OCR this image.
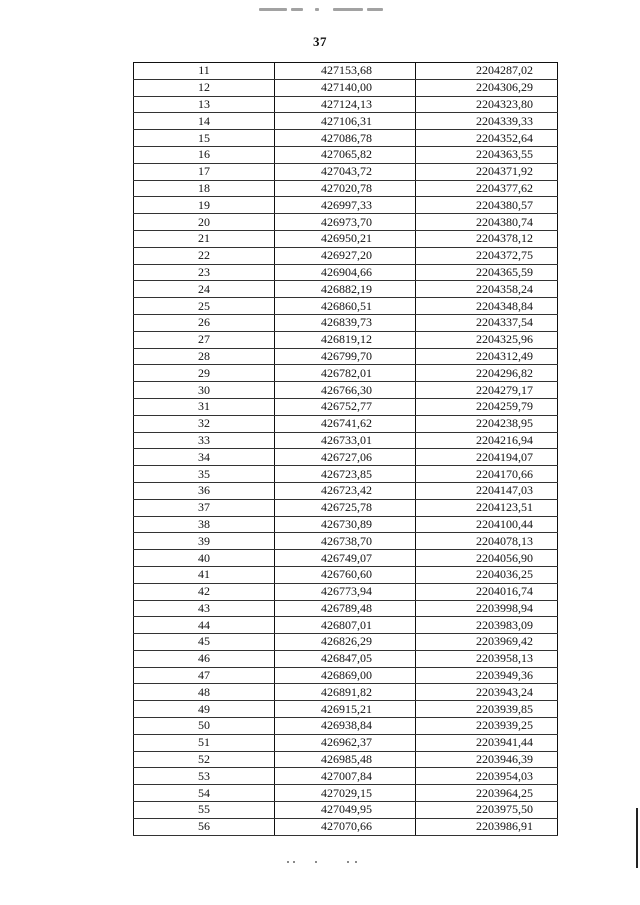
37
11	427153,68	2204287,02
12	427140,00	2204306,29
13	427124,13	2204323,80
14	427106,31	2204339,33
15	427086,78	2204352,64
16	427065,82	2204363,55
17	427043,72	2204371,92
18	427020,78	2204377,62
19	426997,33	2204380,57
20	426973,70	2204380,74
21	426950,21	2204378,12
22	426927,20	2204372,75
23	426904,66	2204365,59
24	426882,19	2204358,24
25	426860,51	2204348,84
26	426839,73	2204337,54
27	426819,12	2204325,96
28	426799,70	2204312,49
29	426782,01	2204296,82
30	426766,30	2204279,17
31	426752,77	2204259,79
32	426741,62	2204238,95
33	426733,01	2204216,94
34	426727,06	2204194,07
35	426723,85	2204170,66
36	426723,42	2204147,03
37	426725,78	2204123,51
38	426730,89	2204100,44
39	426738,70	2204078,13
40	426749,07	2204056,90
41	426760,60	2204036,25
42	426773,94	2204016,74
43	426789,48	2203998,94
44	426807,01	2203983,09
45	426826,29	2203969,42
46	426847,05	2203958,13
47	426869,00	2203949,36
48	426891,82	2203943,24
49	426915,21	2203939,85
50	426938,84	2203939,25
51	426962,37	2203941,44
52	426985,48	2203946,39
53	427007,84	2203954,03
54	427029,15	2203964,25
55	427049,95	2203975,50
56	427070,66	2203986,91
